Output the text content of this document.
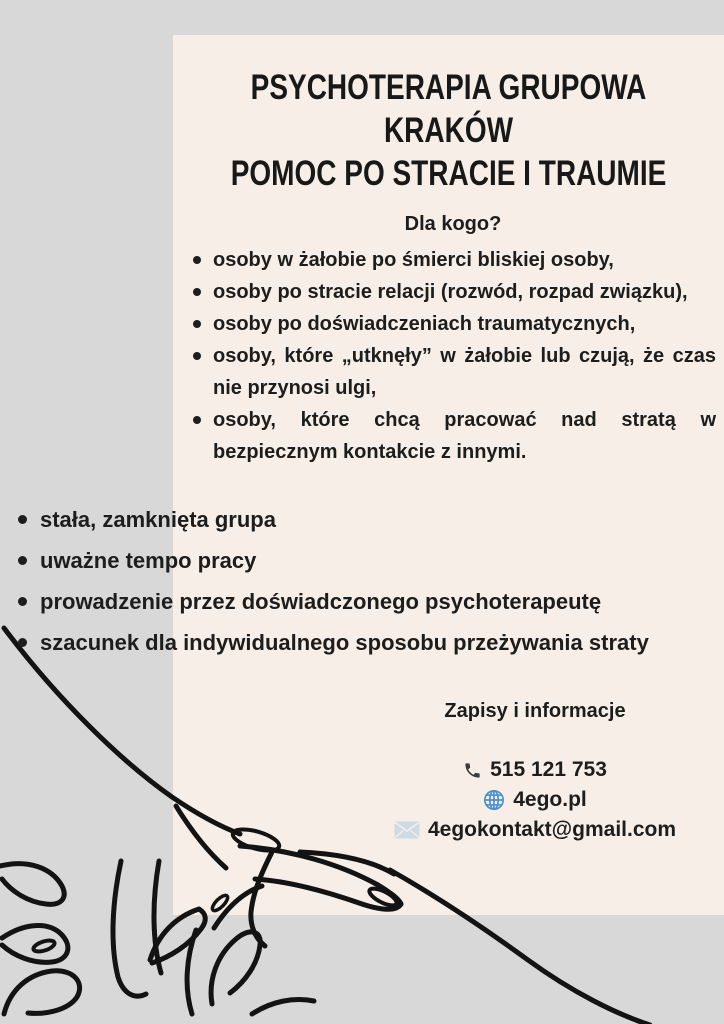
PSYCHOTERAPIA GRUPOWA
KRAKÓW
POMOC PO STRACIE I TRAUMIE
Dla kogo?
osoby w żałobie po śmierci bliskiej osoby,
osoby po stracie relacji (rozwód, rozpad związku),
osoby po doświadczeniach traumatycznych,
osoby, które „utknęły” w żałobie lub czują, że czas nie przynosi ulgi,
osoby, które chcą pracować nad stratą w bezpiecznym kontakcie z innymi.
stała, zamknięta grupa
uważne tempo pracy
prowadzenie przez doświadczonego psychoterapeutę
szacunek dla indywidualnego sposobu przeżywania straty
Zapisy i informacje
515 121 753
4ego.pl
4egokontakt@gmail.com
